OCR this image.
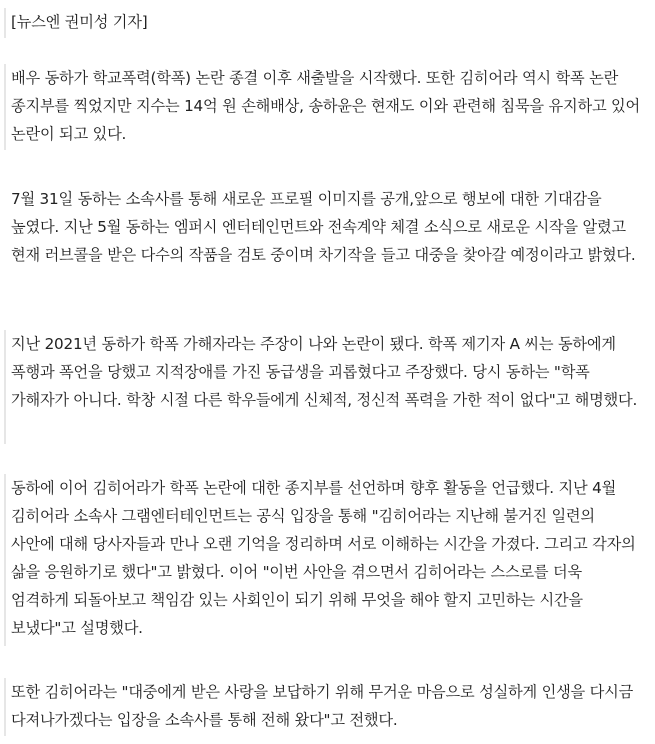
[뉴스엔 권미성 기자]

배우 동하가 학교폭력(학폭) 논란 종결 이후 새출발을 시작했다. 또한 김히어라 역시 학폭 논란 종지부를 찍었지만 지수는 14억 원 손해배상, 송하윤은 현재도 이와 관련해 침묵을 유지하고 있어 논란이 되고 있다.

7월 31일 동하는 소속사를 통해 새로운 프로필 이미지를 공개,앞으로 행보에 대한 기대감을 높였다. 지난 5월 동하는 엠퍼시 엔터테인먼트와 전속계약 체결 소식으로 새로운 시작을 알렸고 현재 러브콜을 받은 다수의 작품을 검토 중이며 차기작을 들고 대중을 찾아갈 예정이라고 밝혔다.

지난 2021년 동하가 학폭 가해자라는 주장이 나와 논란이 됐다. 학폭 제기자 A 씨는 동하에게 폭행과 폭언을 당했고 지적장애를 가진 동급생을 괴롭혔다고 주장했다. 당시 동하는 "학폭 가해자가 아니다. 학창 시절 다른 학우들에게 신체적, 정신적 폭력을 가한 적이 없다"고 해명했다.

동하에 이어 김히어라가 학폭 논란에 대한 종지부를 선언하며 향후 활동을 언급했다. 지난 4월 김히어라 소속사 그램엔터테인먼트는 공식 입장을 통해 "김히어라는 지난해 불거진 일련의 사안에 대해 당사자들과 만나 오랜 기억을 정리하며 서로 이해하는 시간을 가졌다. 그리고 각자의 삶을 응원하기로 했다"고 밝혔다. 이어 "이번 사안을 겪으면서 김히어라는 스스로를 더욱 엄격하게 되돌아보고 책임감 있는 사회인이 되기 위해 무엇을 해야 할지 고민하는 시간을 보냈다"고 설명했다.

또한 김히어라는 "대중에게 받은 사랑을 보답하기 위해 무거운 마음으로 성실하게 인생을 다시금 다져나가겠다는 입장을 소속사를 통해 전해 왔다"고 전했다.
